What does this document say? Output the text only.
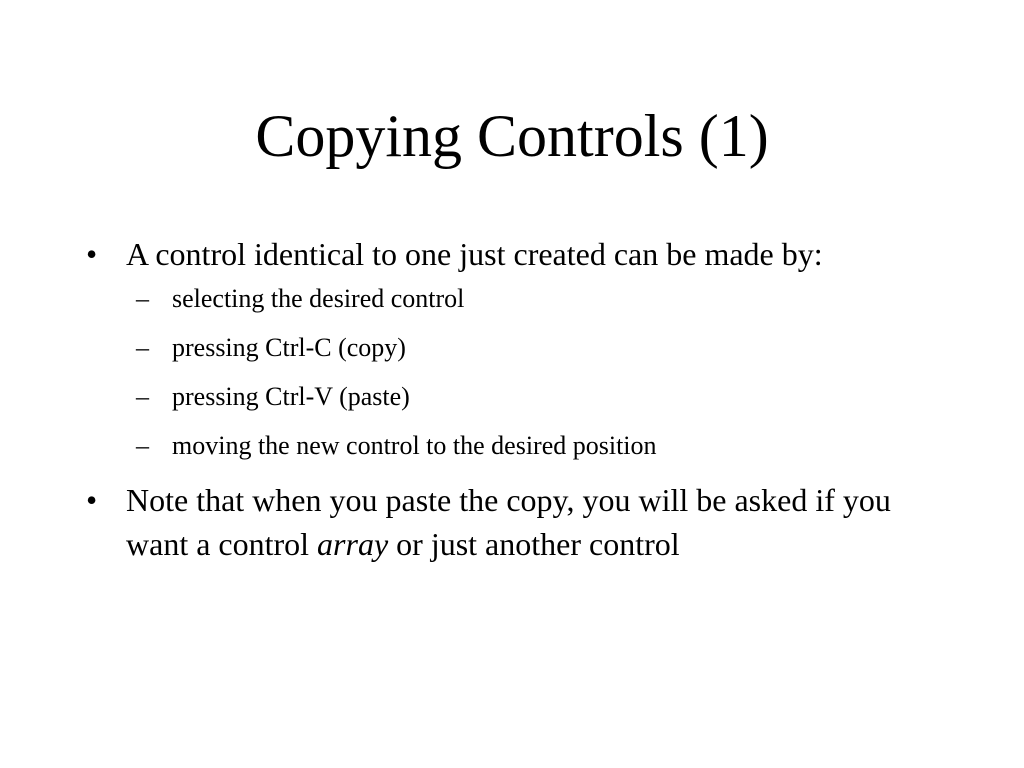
Copying Controls (1)
• A control identical to one just created can be made by:
– selecting the desired control
– pressing Ctrl-C (copy)
– pressing Ctrl-V (paste)
– moving the new control to the desired position
• Note that when you paste the copy, you will be asked if you want a control array or just another control
